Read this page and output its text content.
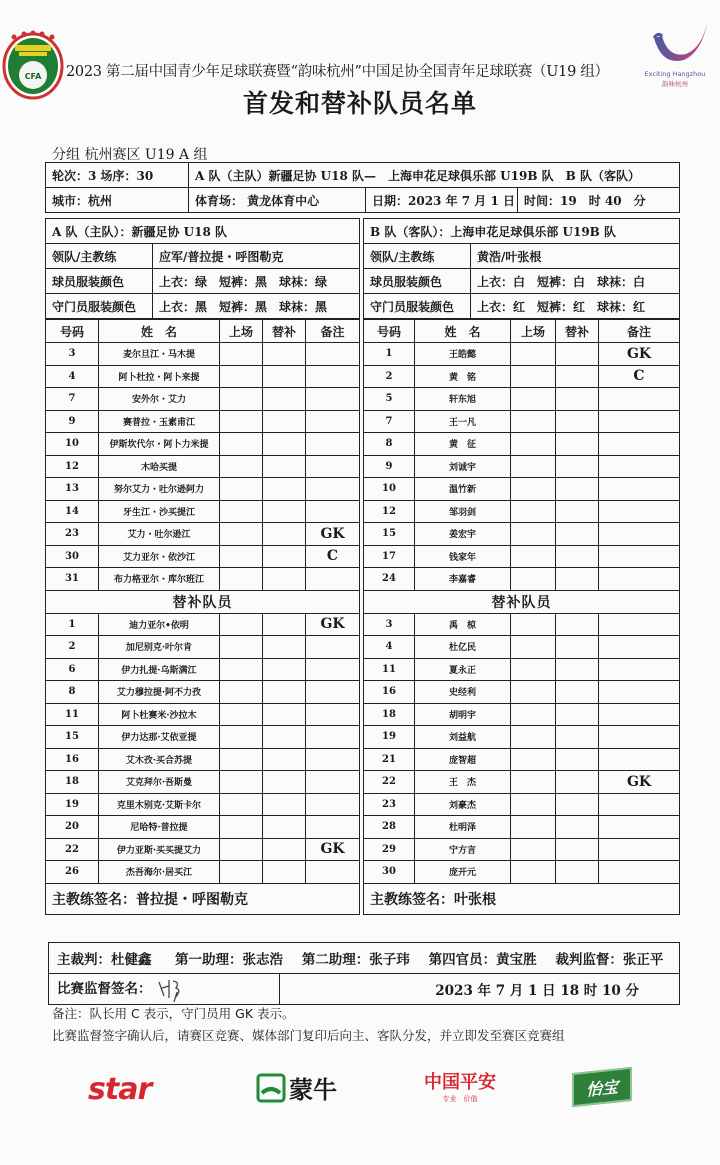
CFA	Exciting Hangzhou
韵味杭州
2023 第二届中国青少年足球联赛暨“韵味杭州”中国足协全国青年足球联赛（U19 组）
首发和替补队员名单
分组 杭州赛区 U19 A 组
轮次：3 场序：30	A 队（主队）新疆足协 U18 队—　上海申花足球俱乐部 U19B 队　B 队（客队）		
城市：杭州	体育场： 黄龙体育中心	日期：2023 年 7 月 1 日	时间：19　时 40　分
A 队（主队）：新疆足协 U18 队	
领队/主教练	应军/普拉提・呼图勒克
球员服装颜色	上衣：绿　短裤：黑　球袜：绿
守门员服装颜色	上衣：黑　短裤：黑　球袜：黑
号码	姓　名	上场	替补	备注
3	麦尔旦江・马木提			
4	阿卜杜拉・阿卜来提			
7	安外尔・艾力			
9	赛普拉・玉素甫江			
10	伊斯坎代尔・阿卜力米提			
12	木哈买提			
13	努尔艾力・吐尔逊阿力			
14	牙生江・沙买提江			
23	艾力・吐尔逊江			GK
30	艾力亚尔・依沙江			C
31	布力格亚尔・库尔班江			
替补队员				
1	迪力亚尔•依明			GK
2	加尼别克·叶尔肯			
6	伊力扎提·乌斯满江			
8	艾力穆拉提·阿不力孜			
11	阿卜杜赛米·沙拉木			
15	伊力达那·艾依亚提			
16	艾木孜·买合苏提			
18	艾克拜尔·吾斯曼			
19	克里木别克·艾斯卡尔			
20	尼哈特·普拉提			
22	伊力亚斯·买买提艾力			GK
26	杰吾海尔·居买江			
主教练签名：普拉提・呼图勒克				
B 队（客队）：上海申花足球俱乐部 U19B 队	
领队/主教练	黄浩/叶张根
球员服装颜色	上衣：白　短裤：白　球袜：白
守门员服装颜色	上衣：红　短裤：红　球袜：红
号码	姓　名	上场	替补	备注
1	王皓懿			GK
2	黄　铭			C
5	轩东旭			
7	王一凡			
8	黄　征			
9	刘诚宇			
10	温竹新			
12	邹羽剑			
15	姜宏宇			
17	钱家年			
24	李嘉睿			
替补队员				
3	禹　椋			
4	杜亿民			
11	夏永正			
16	史经利			
18	胡明宇			
19	刘益航			
21	庞智超			
22	王　杰			GK
23	刘豪杰			
28	杜明泽			
29	宁方言			
30	庞开元			
主教练签名：叶张根				
主裁判：杜健鑫 第一助理：张志浩 第二助理：张子玮 第四官员：黄宝胜 裁判监督：张正平
比赛监督签名：	2023 年 7 月 1 日 18 时 10 分
备注：队长用 C 表示，守门员用 GK 表示。
比赛监督签字确认后，请赛区竞赛、媒体部门复印后向主、客队分发，并立即发至赛区竞赛组
star	蒙牛	中国平安
专业　价值	怡宝
